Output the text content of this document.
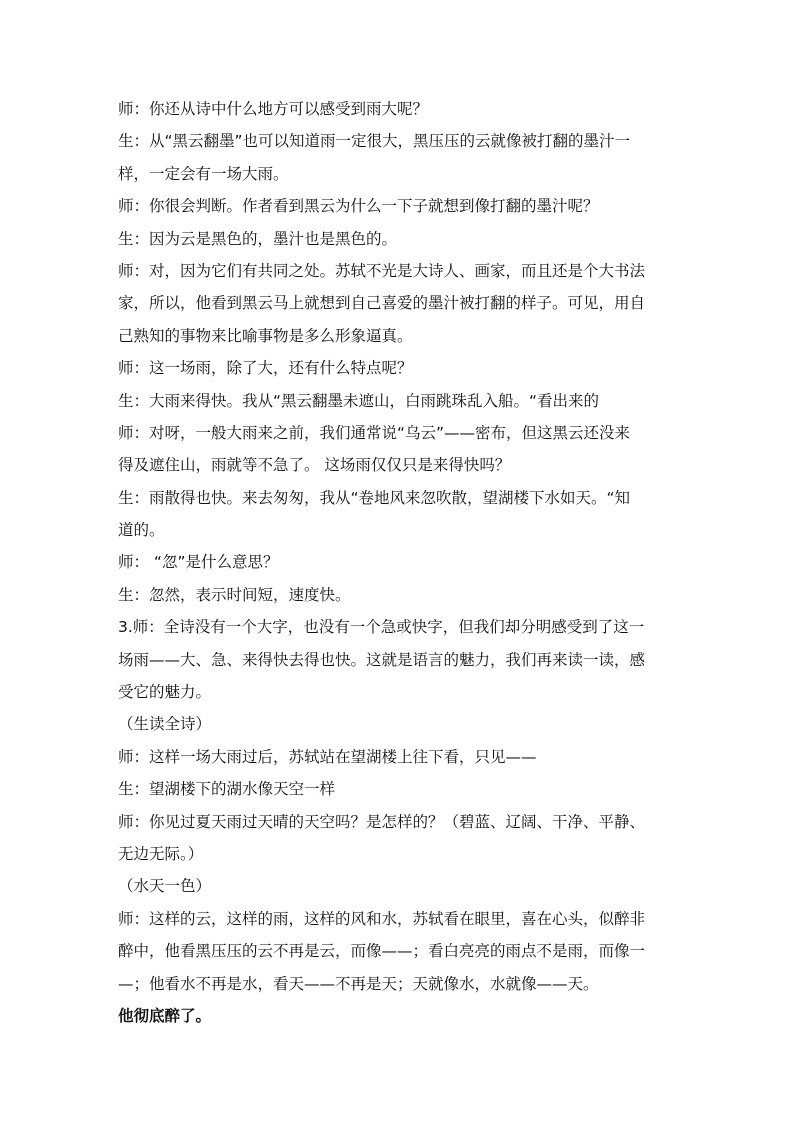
师：你还从诗中什么地方可以感受到雨大呢？
生：从“黑云翻墨”也可以知道雨一定很大，黑压压的云就像被打翻的墨汁一
样，一定会有一场大雨。
师：你很会判断。作者看到黑云为什么一下子就想到像打翻的墨汁呢？
生：因为云是黑色的，墨汁也是黑色的。
师：对，因为它们有共同之处。苏轼不光是大诗人、画家，而且还是个大书法
家，所以，他看到黑云马上就想到自己喜爱的墨汁被打翻的样子。可见，用自
己熟知的事物来比喻事物是多么形象逼真。
师：这一场雨，除了大，还有什么特点呢？
生：大雨来得快。我从“黑云翻墨未遮山，白雨跳珠乱入船。“看出来的
师：对呀，一般大雨来之前，我们通常说“乌云”——密布，但这黑云还没来
得及遮住山，雨就等不急了。 这场雨仅仅只是来得快吗？
生：雨散得也快。来去匆匆，我从“卷地风来忽吹散，望湖楼下水如天。“知
道的。
师： “忽”是什么意思？
生：忽然，表示时间短，速度快。
3.师：全诗没有一个大字，也没有一个急或快字，但我们却分明感受到了这一
场雨——大、急、来得快去得也快。这就是语言的魅力，我们再来读一读，感
受它的魅力。
（生读全诗）
师：这样一场大雨过后，苏轼站在望湖楼上往下看，只见——
生：望湖楼下的湖水像天空一样
师：你见过夏天雨过天晴的天空吗？是怎样的？（碧蓝、辽阔、干净、平静、
无边无际。）
（水天一色）
师：这样的云，这样的雨，这样的风和水，苏轼看在眼里，喜在心头，似醉非
醉中，他看黑压压的云不再是云，而像——；看白亮亮的雨点不是雨，而像一
—；他看水不再是水，看天——不再是天；天就像水，水就像——天。
他彻底醉了。
